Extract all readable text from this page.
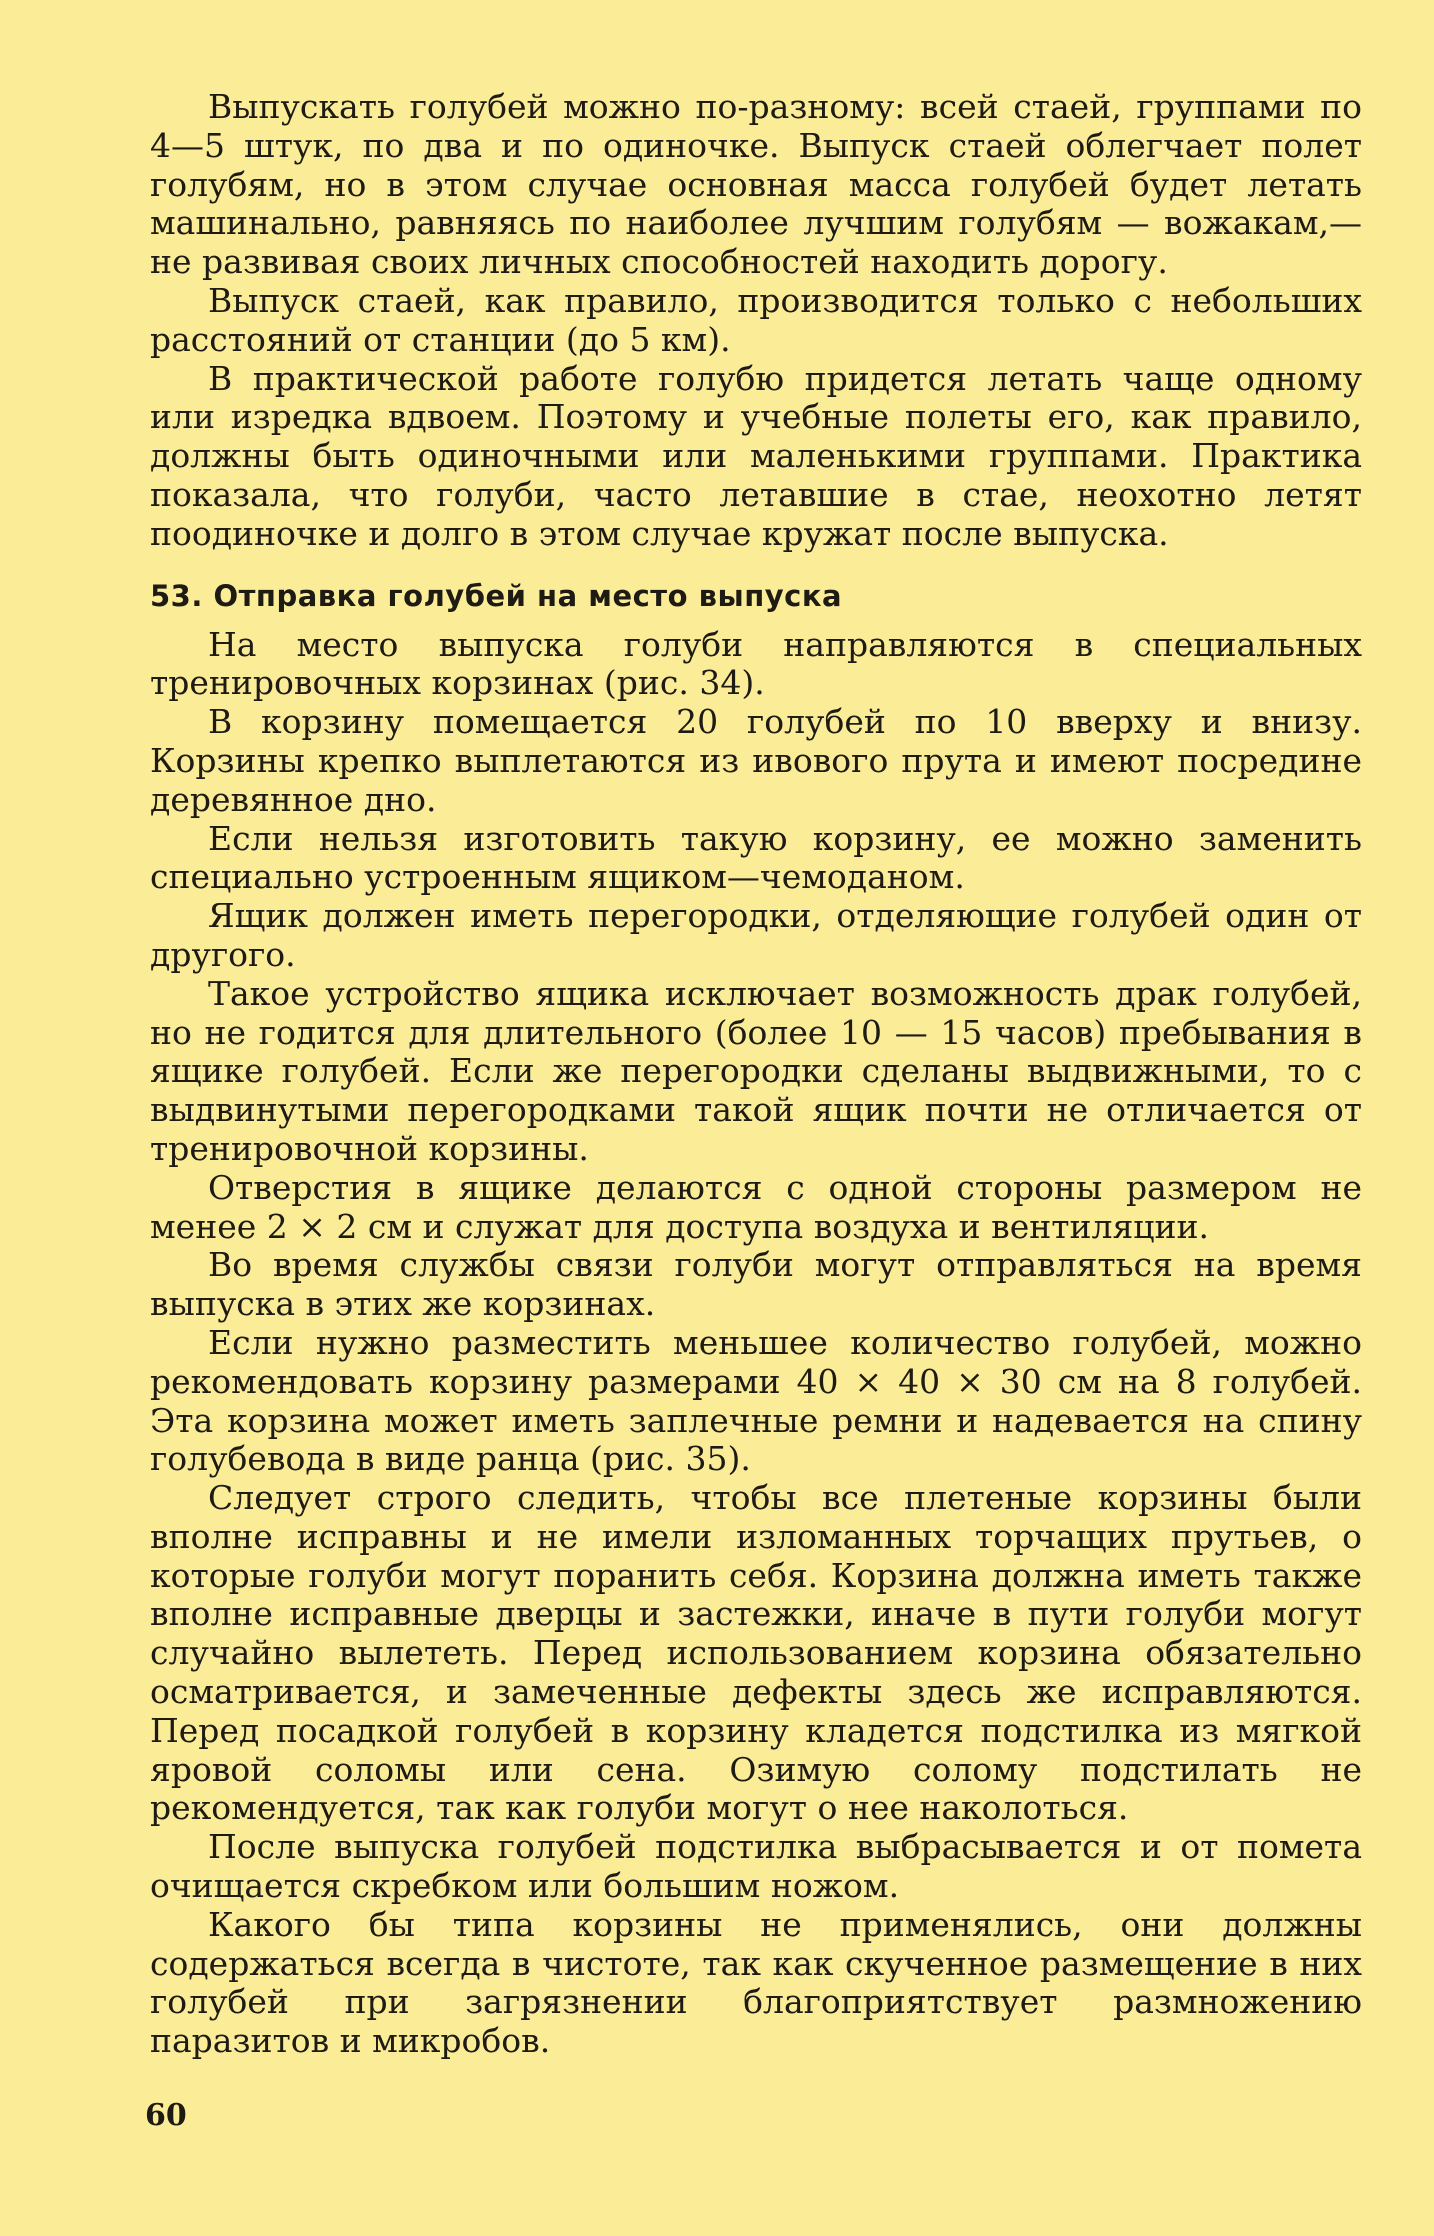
Выпускать голубей можно по-разному: всей стаей, группами по 4—5 штук, по два и по одиночке. Выпуск стаей облегчает полет голубям, но в этом случае основная масса голубей будет летать машинально, равняясь по наиболее лучшим голубям — вожакам,— не развивая своих личных способностей находить дорогу.

Выпуск стаей, как правило, производится только с небольших расстояний от станции (до 5 км).

В практической работе голубю придется летать чаще одному или изредка вдвоем. Поэтому и учебные полеты его, как правило, должны быть одиночными или маленькими группами. Практика показала, что голуби, часто летавшие в стае, неохотно летят поодиночке и долго в этом случае кружат после выпуска.

53. Отправка голубей на место выпуска

На место выпуска голуби направляются в специальных тренировочных корзинах (рис. 34).

В корзину помещается 20 голубей по 10 вверху и внизу. Корзины крепко выплетаются из ивового прута и имеют посредине деревянное дно.

Если нельзя изготовить такую корзину, ее можно заменить специально устроенным ящиком—чемоданом.

Ящик должен иметь перегородки, отделяющие голубей один от другого.

Такое устройство ящика исключает возможность драк голубей, но не годится для длительного (более 10 — 15 часов) пребывания в ящике голубей. Если же перегородки сделаны выдвижными, то с выдвинутыми перегородками такой ящик почти не отличается от тренировочной корзины.

Отверстия в ящике делаются с одной стороны размером не менее 2 × 2 см и служат для доступа воздуха и вентиляции.

Во время службы связи голуби могут отправляться на время выпуска в этих же корзинах.

Если нужно разместить меньшее количество голубей, можно рекомендовать корзину размерами 40 × 40 × 30 см на 8 голубей. Эта корзина может иметь заплечные ремни и надевается на спину голубевода в виде ранца (рис. 35).

Следует строго следить, чтобы все плетеные корзины были вполне исправны и не имели изломанных торчащих прутьев, о которые голуби могут поранить себя. Корзина должна иметь также вполне исправные дверцы и застежки, иначе в пути голуби могут случайно вылететь. Перед использованием корзина обязательно осматривается, и замеченные дефекты здесь же исправляются. Перед посадкой голубей в корзину кладется подстилка из мягкой яровой соломы или сена. Озимую солому подстилать не рекомендуется, так как голуби могут о нее наколоться.

После выпуска голубей подстилка выбрасывается и от помета очищается скребком или большим ножом.

Какого бы типа корзины не применялись, они должны содержаться всегда в чистоте, так как скученное размещение в них голубей при загрязнении благоприятствует размножению паразитов и микробов.

60
